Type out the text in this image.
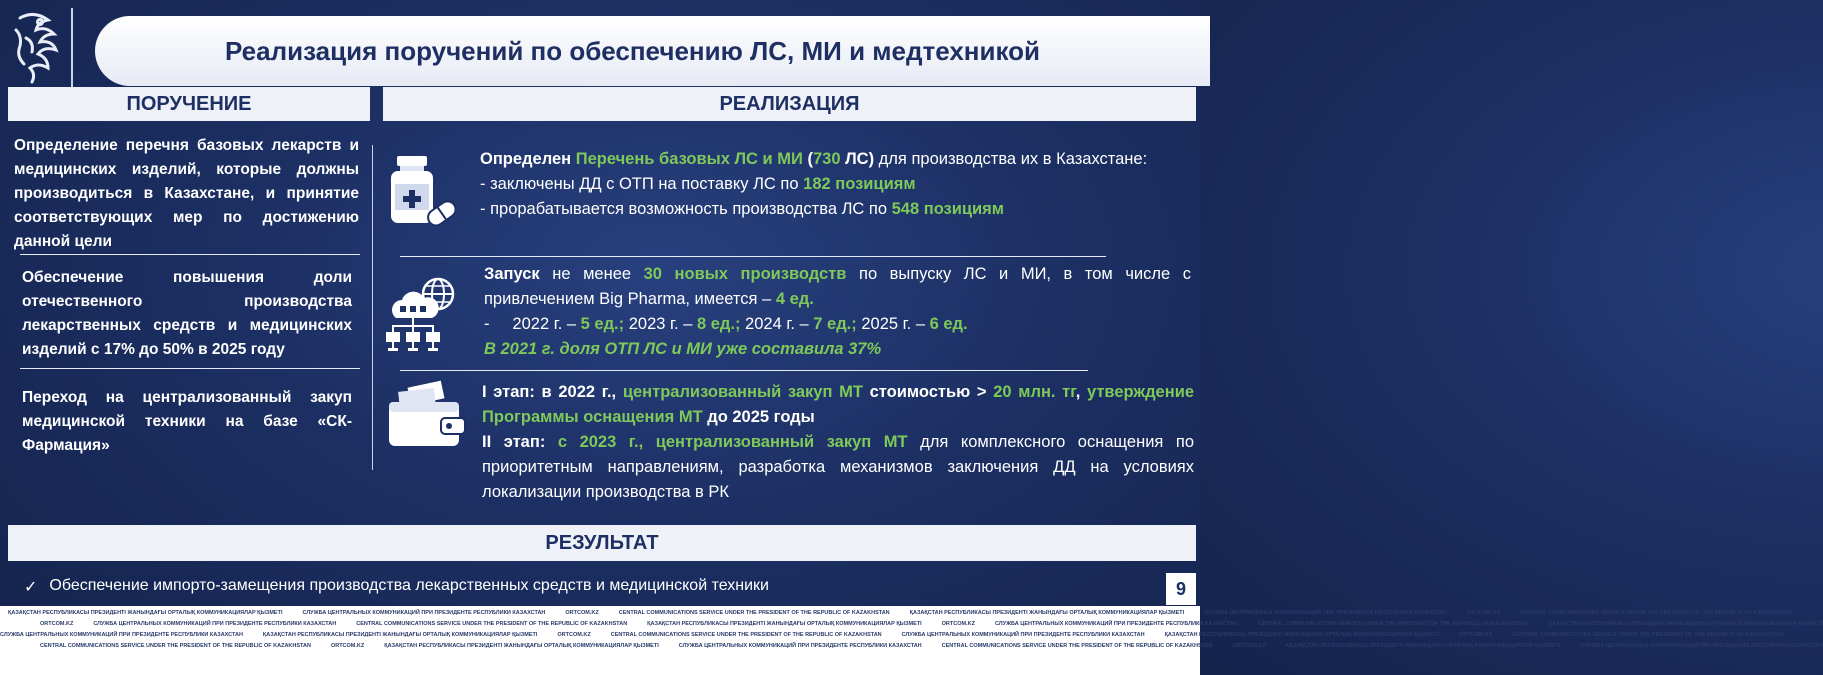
Реализация поручений по обеспечению ЛС, МИ и медтехникой
ПОРУЧЕНИЕ	РЕАЛИЗАЦИЯ
Определение перечня базовых лекарств и медицинских изделий, которые должны производиться в Казахстане, и принятие соответствующих мер по достижению данной цели
Обеспечение повышения доли отечественного производства лекарственных средств и медицинских изделий с 17% до 50% в 2025 году
Переход на централизованный закуп медицинской техники на базе «СК-Фармация»
Определен Перечень базовых ЛС и МИ (730 ЛС) для производства их в Казахстане:
- заключены ДД с ОТП на поставку ЛС по 182 позициям
- прорабатывается возможность производства ЛС по 548 позициям
Запуск не менее 30 новых производств по выпуску ЛС и МИ, в том числе с привлечением Big Pharma, имеется – 4 ед.
-     2022 г. – 5 ед.; 2023 г. – 8 ед.; 2024 г. – 7 ед.; 2025 г. – 6 ед.
В 2021 г. доля ОТП ЛС и МИ уже составила 37%
I этап: в 2022 г., централизованный закуп МТ стоимостью > 20 млн. тг, утверждение Программы оснащения МТ до 2025 годы
II этап: с 2023 г., централизованный закуп МТ для комплексного оснащения по приоритетным направлениям, разработка механизмов заключения ДД на условиях локализации производства в РК
РЕЗУЛЬТАТ
✓ Обеспечение импорто-замещения производства лекарственных средств и медицинской техники	9
ҚАЗАҚСТАН РЕСПУБЛИКАСЫ ПРЕЗИДЕНТІ ЖАНЫНДАҒЫ ОРТАЛЫҚ КОММУНИКАЦИЯЛАР ҚЫЗМЕТІ	СЛУЖБА ЦЕНТРАЛЬНЫХ КОММУНИКАЦИЙ ПРИ ПРЕЗИДЕНТЕ РЕСПУБЛИКИ КАЗАХСТАН	ORTCOM.KZ	CENTRAL COMMUNICATIONS SERVICE UNDER THE PRESIDENT OF THE REPUBLIC OF KAZAKHSTAN	ҚАЗАҚСТАН РЕСПУБЛИКАСЫ ПРЕЗИДЕНТІ ЖАНЫНДАҒЫ ОРТАЛЫҚ КОММУНИКАЦИЯЛАР ҚЫЗМЕТІ	СЛУЖБА ЦЕНТРАЛЬНЫХ КОММУНИКАЦИЙ ПРИ ПРЕЗИДЕНТЕ РЕСПУБЛИКИ КАЗАХСТАН	ORTCOM.KZ	CENTRAL COMMUNICATIONS SERVICE UNDER THE PRESIDENT OF THE REPUBLIC OF KAZAKHSTAN
ORTCOM.KZ	СЛУЖБА ЦЕНТРАЛЬНЫХ КОММУНИКАЦИЙ ПРИ ПРЕЗИДЕНТЕ РЕСПУБЛИКИ КАЗАХСТАН	CENTRAL COMMUNICATIONS SERVICE UNDER THE PRESIDENT OF THE REPUBLIC OF KAZAKHSTAN	ҚАЗАҚСТАН РЕСПУБЛИКАСЫ ПРЕЗИДЕНТІ ЖАНЫНДАҒЫ ОРТАЛЫҚ КОММУНИКАЦИЯЛАР ҚЫЗМЕТІ	ORTCOM.KZ	СЛУЖБА ЦЕНТРАЛЬНЫХ КОММУНИКАЦИЙ ПРИ ПРЕЗИДЕНТЕ РЕСПУБЛИКИ КАЗАХСТАН	CENTRAL COMMUNICATIONS SERVICE UNDER THE PRESIDENT OF THE REPUBLIC OF KAZAKHSTAN	ҚАЗАҚСТАН РЕСПУБЛИКАСЫ ПРЕЗИДЕНТІ ЖАНЫНДАҒЫ ОРТАЛЫҚ КОММУНИКАЦИЯЛАР ҚЫЗМЕТІ
СЛУЖБА ЦЕНТРАЛЬНЫХ КОММУНИКАЦИЙ ПРИ ПРЕЗИДЕНТЕ РЕСПУБЛИКИ КАЗАХСТАН	ҚАЗАҚСТАН РЕСПУБЛИКАСЫ ПРЕЗИДЕНТІ ЖАНЫНДАҒЫ ОРТАЛЫҚ КОММУНИКАЦИЯЛАР ҚЫЗМЕТІ	ORTCOM.KZ	CENTRAL COMMUNICATIONS SERVICE UNDER THE PRESIDENT OF THE REPUBLIC OF KAZAKHSTAN	СЛУЖБА ЦЕНТРАЛЬНЫХ КОММУНИКАЦИЙ ПРИ ПРЕЗИДЕНТЕ РЕСПУБЛИКИ КАЗАХСТАН	ҚАЗАҚСТАН РЕСПУБЛИКАСЫ ПРЕЗИДЕНТІ ЖАНЫНДАҒЫ ОРТАЛЫҚ КОММУНИКАЦИЯЛАР ҚЫЗМЕТІ	ORTCOM.KZ	CENTRAL COMMUNICATIONS SERVICE UNDER THE PRESIDENT OF THE REPUBLIC OF KAZAKHSTAN
CENTRAL COMMUNICATIONS SERVICE UNDER THE PRESIDENT OF THE REPUBLIC OF KAZAKHSTAN	ORTCOM.KZ	ҚАЗАҚСТАН РЕСПУБЛИКАСЫ ПРЕЗИДЕНТІ ЖАНЫНДАҒЫ ОРТАЛЫҚ КОММУНИКАЦИЯЛАР ҚЫЗМЕТІ	СЛУЖБА ЦЕНТРАЛЬНЫХ КОММУНИКАЦИЙ ПРИ ПРЕЗИДЕНТЕ РЕСПУБЛИКИ КАЗАХСТАН	CENTRAL COMMUNICATIONS SERVICE UNDER THE PRESIDENT OF THE REPUBLIC OF KAZAKHSTAN	ORTCOM.KZ	ҚАЗАҚСТАН РЕСПУБЛИКАСЫ ПРЕЗИДЕНТІ ЖАНЫНДАҒЫ ОРТАЛЫҚ КОММУНИКАЦИЯЛАР ҚЫЗМЕТІ	СЛУЖБА ЦЕНТРАЛЬНЫХ КОММУНИКАЦИЙ ПРИ ПРЕЗИДЕНТЕ РЕСПУБЛИКИ КАЗАХСТАН
